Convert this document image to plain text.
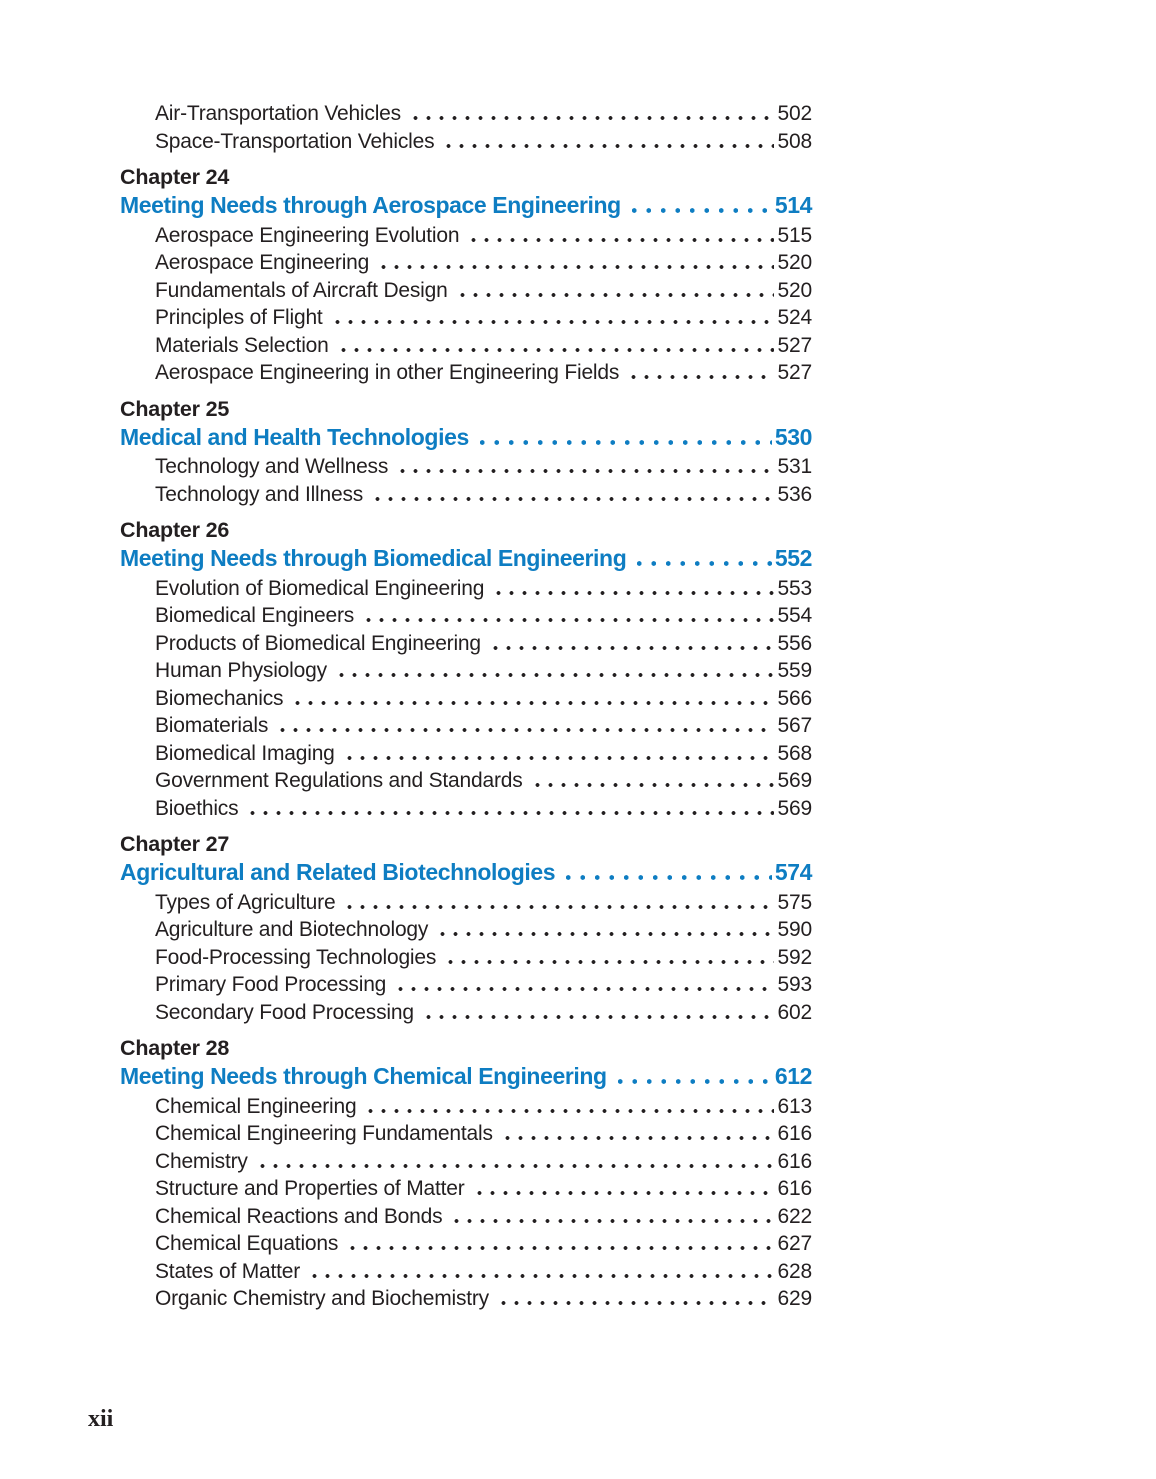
Air-Transportation Vehicles	502
Space-Transportation Vehicles	508
Chapter 24
Meeting Needs through Aerospace Engineering	514
Aerospace Engineering Evolution	515
Aerospace Engineering	520
Fundamentals of Aircraft Design	520
Principles of Flight	524
Materials Selection	527
Aerospace Engineering in other Engineering Fields	527
Chapter 25
Medical and Health Technologies	530
Technology and Wellness	531
Technology and Illness	536
Chapter 26
Meeting Needs through Biomedical Engineering	552
Evolution of Biomedical Engineering	553
Biomedical Engineers	554
Products of Biomedical Engineering	556
Human Physiology	559
Biomechanics	566
Biomaterials	567
Biomedical Imaging	568
Government Regulations and Standards	569
Bioethics	569
Chapter 27
Agricultural and Related Biotechnologies	574
Types of Agriculture	575
Agriculture and Biotechnology	590
Food-Processing Technologies	592
Primary Food Processing	593
Secondary Food Processing	602
Chapter 28
Meeting Needs through Chemical Engineering	612
Chemical Engineering	613
Chemical Engineering Fundamentals	616
Chemistry	616
Structure and Properties of Matter	616
Chemical Reactions and Bonds	622
Chemical Equations	627
States of Matter	628
Organic Chemistry and Biochemistry	629
xii
